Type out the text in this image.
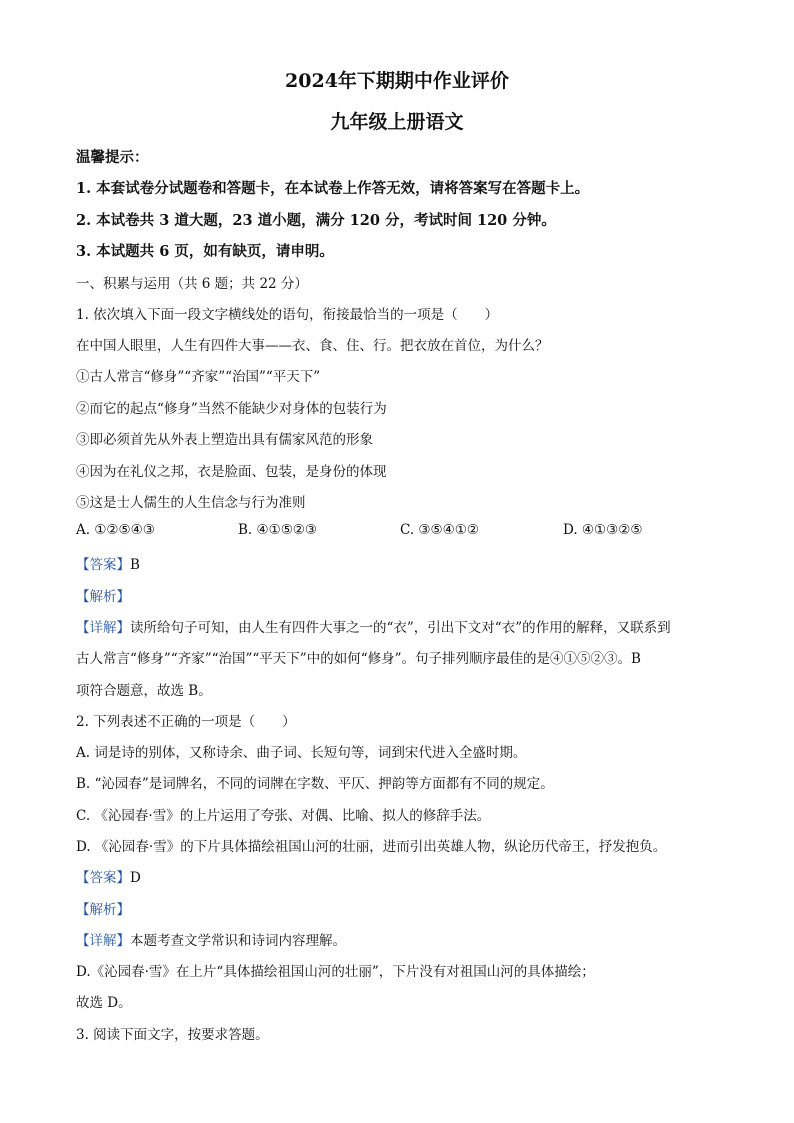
2024年下期期中作业评价
九年级上册语文
温馨提示：
1. 本套试卷分试题卷和答题卡，在本试卷上作答无效，请将答案写在答题卡上。
2. 本试卷共 3 道大题，23 道小题，满分 120 分，考试时间 120 分钟。
3. 本试题共 6 页，如有缺页，请申明。
一、积累与运用（共 6 题；共 22 分）
1. 依次填入下面一段文字横线处的语句，衔接最恰当的一项是（　　）
在中国人眼里，人生有四件大事——衣、食、住、行。把衣放在首位，为什么？
①古人常言“修身”“齐家”“治国”“平天下”
②而它的起点“修身”当然不能缺少对身体的包装行为
③即必须首先从外表上塑造出具有儒家风范的形象
④因为在礼仪之邦，衣是脸面、包装，是身份的体现
⑤这是士人儒生的人生信念与行为准则
A. ①②⑤④③	B. ④①⑤②③	C. ③⑤④①②	D. ④①③②⑤
【答案】B
【解析】
【详解】读所给句子可知，由人生有四件大事之一的“衣”，引出下文对“衣”的作用的解释，又联系到
古人常言“修身”“齐家”“治国”“平天下”中的如何“修身”。句子排列顺序最佳的是④①⑤②③。B
项符合题意，故选 B。
2. 下列表述不正确的一项是（　　）
A. 词是诗的别体，又称诗余、曲子词、长短句等，词到宋代进入全盛时期。
B. “沁园春”是词牌名，不同的词牌在字数、平仄、押韵等方面都有不同的规定。
C. 《沁园春·雪》的上片运用了夸张、对偶、比喻、拟人的修辞手法。
D. 《沁园春·雪》的下片具体描绘祖国山河的壮丽，进而引出英雄人物，纵论历代帝王，抒发抱负。
【答案】D
【解析】
【详解】本题考查文学常识和诗词内容理解。
D.《沁园春·雪》在上片“具体描绘祖国山河的壮丽”，下片没有对祖国山河的具体描绘；
故选 D。
3. 阅读下面文字，按要求答题。
